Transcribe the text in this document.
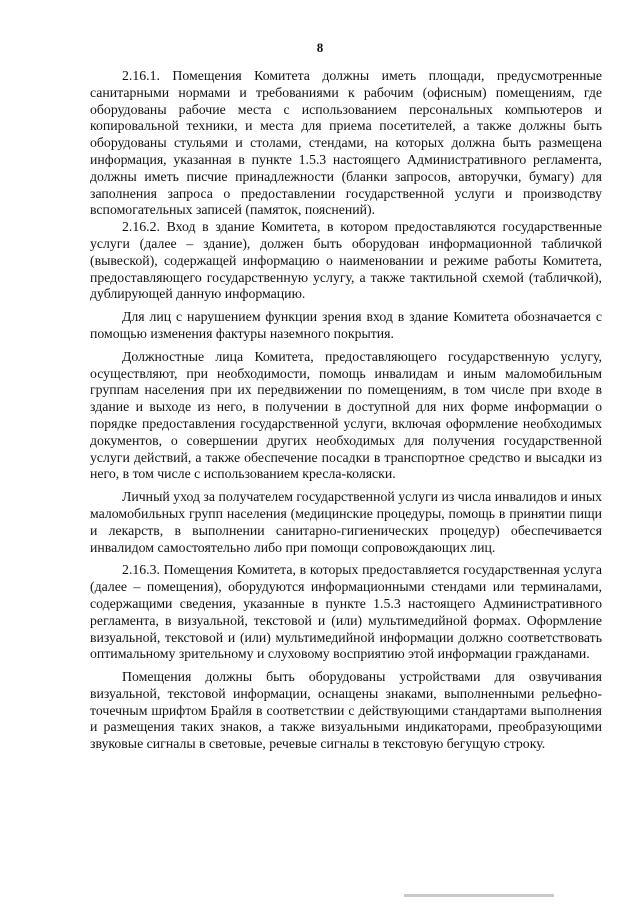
8

2.16.1. Помещения Комитета должны иметь площади, предусмотренные санитарными нормами и требованиями к рабочим (офисным) помещениям, где оборудованы рабочие места с использованием персональных компьютеров и копировальной техники, и места для приема посетителей, а также должны быть оборудованы стульями и столами, стендами, на которых должна быть размещена информация, указанная в пункте 1.5.3 настоящего Административного регламента, должны иметь писчие принадлежности (бланки запросов, авторучки, бумагу) для заполнения запроса о предоставлении государственной услуги и производству вспомогательных записей (памяток, пояснений).

2.16.2. Вход в здание Комитета, в котором предоставляются государственные услуги (далее – здание), должен быть оборудован информационной табличкой (вывеской), содержащей информацию о наименовании и режиме работы Комитета, предоставляющего государственную услугу, а также тактильной схемой (табличкой), дублирующей данную информацию.

Для лиц с нарушением функции зрения вход в здание Комитета обозначается с помощью изменения фактуры наземного покрытия.

Должностные лица Комитета, предоставляющего государственную услугу, осуществляют, при необходимости, помощь инвалидам и иным маломобильным группам населения при их передвижении по помещениям, в том числе при входе в здание и выходе из него, в получении в доступной для них форме информации о порядке предоставления государственной услуги, включая оформление необходимых документов, о совершении других необходимых для получения государственной услуги действий, а также обеспечение посадки в транспортное средство и высадки из него, в том числе с использованием кресла-коляски.

Личный уход за получателем государственной услуги из числа инвалидов и иных маломобильных групп населения (медицинские процедуры, помощь в принятии пищи и лекарств, в выполнении санитарно-гигиенических процедур) обеспечивается инвалидом самостоятельно либо при помощи сопровождающих лиц.

2.16.3. Помещения Комитета, в которых предоставляется государственная услуга (далее – помещения), оборудуются информационными стендами или терминалами, содержащими сведения, указанные в пункте 1.5.3 настоящего Административного регламента, в визуальной, текстовой и (или) мультимедийной формах. Оформление визуальной, текстовой и (или) мультимедийной информации должно соответствовать оптимальному зрительному и слуховому восприятию этой информации гражданами.

Помещения должны быть оборудованы устройствами для озвучивания визуальной, текстовой информации, оснащены знаками, выполненными рельефно-точечным шрифтом Брайля в соответствии с действующими стандартами выполнения и размещения таких знаков, а также визуальными индикаторами, преобразующими звуковые сигналы в световые, речевые сигналы в текстовую бегущую строку.
